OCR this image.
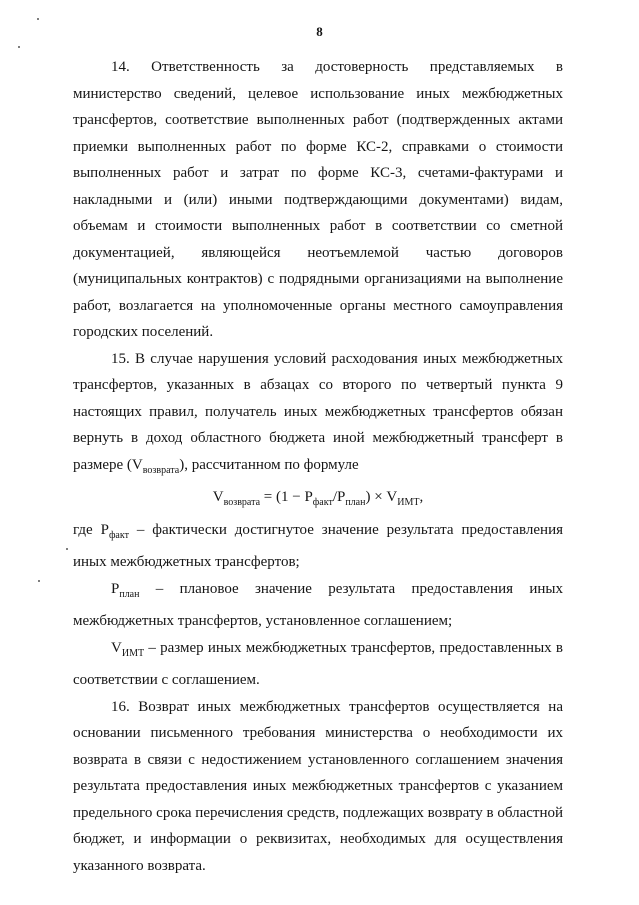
8

14. Ответственность за достоверность представляемых в министерство сведений, целевое использование иных межбюджетных трансфертов, соответствие выполненных работ (подтвержденных актами приемки выполненных работ по форме КС-2, справками о стоимости выполненных работ и затрат по форме КС-3, счетами-фактурами и накладными и (или) иными подтверждающими документами) видам, объемам и стоимости выполненных работ в соответствии со сметной документацией, являющейся неотъемлемой частью договоров (муниципальных контрактов) с подрядными организациями на выполнение работ, возлагается на уполномоченные органы местного самоуправления городских поселений.

15. В случае нарушения условий расходования иных межбюджетных трансфертов, указанных в абзацах со второго по четвертый пункта 9 настоящих правил, получатель иных межбюджетных трансфертов обязан вернуть в доход областного бюджета иной межбюджетный трансферт в размере $(V_{возврата})$, рассчитанном по формуле

$V_{возврата} = (1 - P_{факт}/P_{план}) \times V_{ИМТ}$,

где $P_{факт}$ – фактически достигнутое значение результата предоставления иных межбюджетных трансфертов;

$P_{план}$ – плановое значение результата предоставления иных межбюджетных трансфертов, установленное соглашением;

$V_{ИМТ}$ – размер иных межбюджетных трансфертов, предоставленных в соответствии с соглашением.

16. Возврат иных межбюджетных трансфертов осуществляется на основании письменного требования министерства о необходимости их возврата в связи с недостижением установленного соглашением значения результата предоставления иных межбюджетных трансфертов с указанием предельного срока перечисления средств, подлежащих возврату в областной бюджет, и информации о реквизитах, необходимых для осуществления указанного возврата.
